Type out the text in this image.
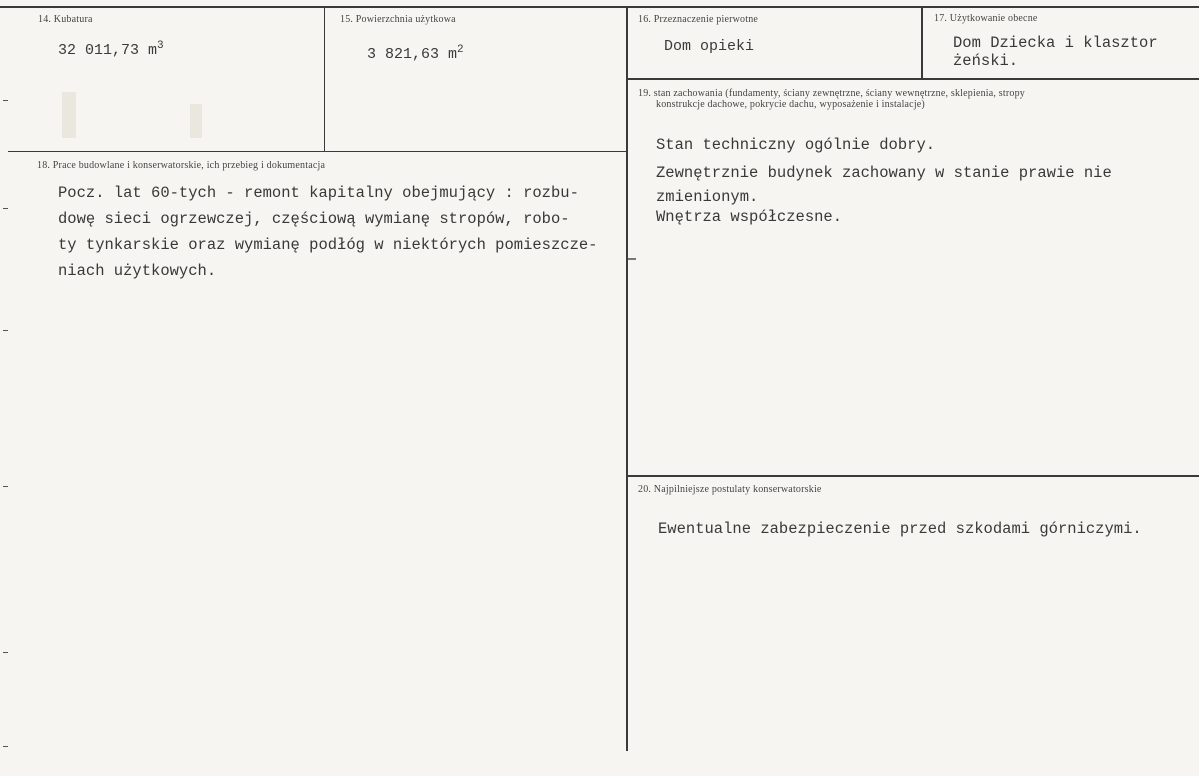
14. Kubatura
32 011,73 $m^3$
15. Powierzchnia użytkowa
3 821,63 $m^2$
16. Przeznaczenie pierwotne
Dom opieki
17. Użytkowanie obecne
Dom Dziecka i klasztor
żeński.
18. Prace budowlane i konserwatorskie, ich przebieg i dokumentacja
Pocz. lat 60-tych - remont kapitalny obejmujący : rozbu-
dowę sieci ogrzewczej, częściową wymianę stropów, robo-
ty tynkarskie oraz wymianę podłóg w niektórych pomieszcze-
niach użytkowych.
19. stan zachowania (fundamenty, ściany zewnętrzne, ściany wewnętrzne, sklepienia, stropy
konstrukcje dachowe, pokrycie dachu, wyposażenie i instalacje)
Stan techniczny ogólnie dobry.
Zewnętrznie budynek zachowany w stanie prawie nie
zmienionym.
Wnętrza współczesne.
20. Najpilniejsze postulaty konserwatorskie
Ewentualne zabezpieczenie przed szkodami górniczymi.
